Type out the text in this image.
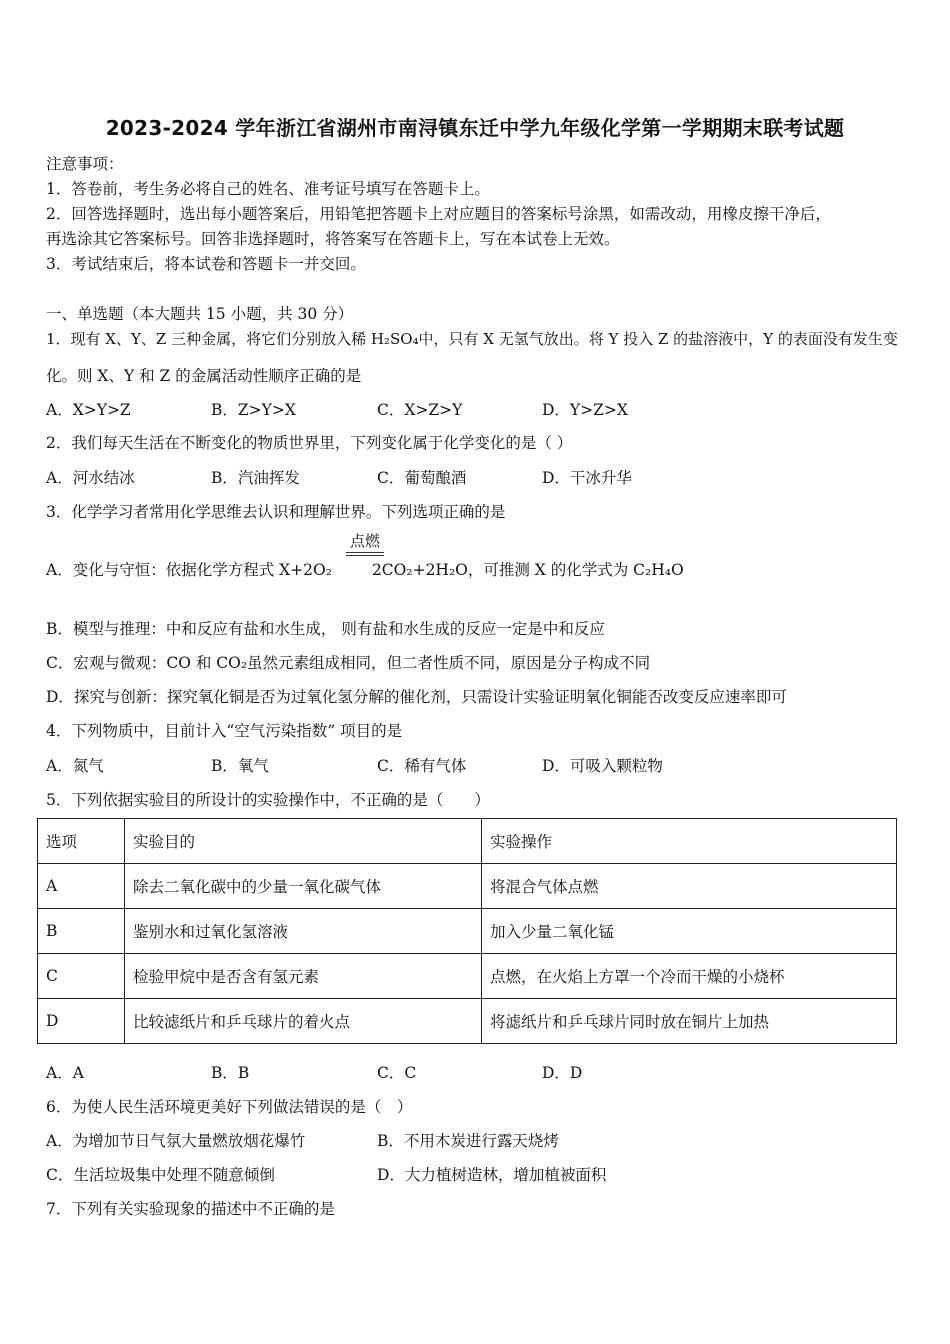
2023-2024 学年浙江省湖州市南浔镇东迁中学九年级化学第一学期期末联考试题
注意事项：
1．答卷前，考生务必将自己的姓名、准考证号填写在答题卡上。
2．回答选择题时，选出每小题答案后，用铅笔把答题卡上对应题目的答案标号涂黑，如需改动，用橡皮擦干净后，
再选涂其它答案标号。回答非选择题时，将答案写在答题卡上，写在本试卷上无效。
3．考试结束后，将本试卷和答题卡一并交回。
一、单选题（本大题共 15 小题，共 30 分）
1．现有 X、Y、Z 三种金属，将它们分别放入稀 H₂SO₄中，只有 X 无氢气放出。将 Y 投入 Z 的盐溶液中，Y 的表面没有发生变
化。则 X、Y 和 Z 的金属活动性顺序正确的是
A．X>Y>Z	B．Z>Y>X	C．X>Z>Y	D．Y>Z>X
2．我们每天生活在不断变化的物质世界里，下列变化属于化学变化的是（ ）
A．河水结冰	B．汽油挥发	C．葡萄酿酒	D．干冰升华
3．化学学习者常用化学思维去认识和理解世界。下列选项正确的是
A．变化与守恒：依据化学方程式 X+2O₂	2CO₂+2H₂O，可推测 X 的化学式为 C₂H₄O
点燃
B．模型与推理：中和反应有盐和水生成， 则有盐和水生成的反应一定是中和反应
C．宏观与微观：CO 和 CO₂虽然元素组成相同，但二者性质不同，原因是分子构成不同
D．探究与创新：探究氧化铜是否为过氧化氢分解的催化剂，只需设计实验证明氧化铜能否改变反应速率即可
4．下列物质中，目前计入“空气污染指数” 项目的是
A．氮气	B．氧气	C．稀有气体	D．可吸入颗粒物
5．下列依据实验目的所设计的实验操作中，不正确的是（　　）
选项	实验目的	实验操作
A	除去二氧化碳中的少量一氧化碳气体	将混合气体点燃
B	鉴别水和过氧化氢溶液	加入少量二氧化锰
C	检验甲烷中是否含有氢元素	点燃，在火焰上方罩一个冷而干燥的小烧杯
D	比较滤纸片和乒乓球片的着火点	将滤纸片和乒乓球片同时放在铜片上加热
A．A	B．B	C．C	D．D
6．为使人民生活环境更美好下列做法错误的是（　）
A．为增加节日气氛大量燃放烟花爆竹	B．不用木炭进行露天烧烤
C．生活垃圾集中处理不随意倾倒	D．大力植树造林，增加植被面积
7．下列有关实验现象的描述中不正确的是
